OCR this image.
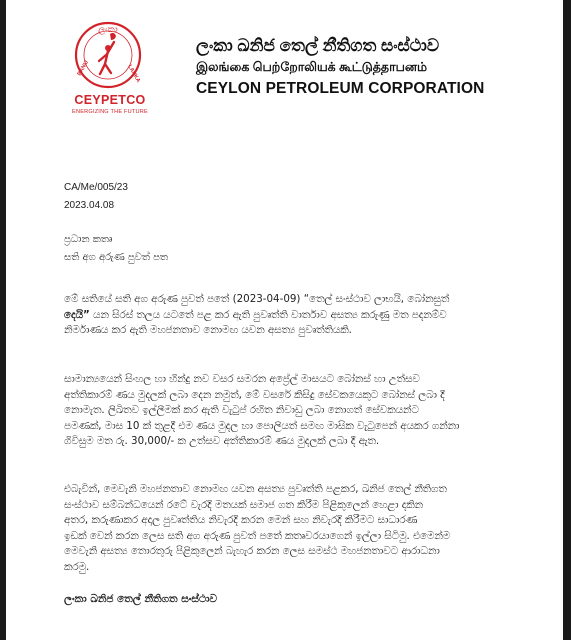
ලංකා
BANIJ	LANKA
CEYPETCO
ENERGIZING THE FUTURE
ලංකා ඛනිජ තෙල් නීතිගත සංස්ථාව
இலங்கை பெற்றோலியக் கூட்டுத்தாபனம்
CEYLON PETROLEUM CORPORATION
CA/Me/005/23
2023.04.08
ප්‍රධාන කතෘ
සති අග අරුණ පුවත් පත
මේ සතියේ සති අග අරුණ පුවත් පතේ (2023-04-09) “තෙල් සංස්ථාව ලාභයි, බෝනසුත්
දෙයි” යන සිරස් තලය යටතේ පළ කර ඇති පුවෘත්ති වාර්තාව අසත්‍ය කරුණු මත පදනම්ව
නිර්මාණය කර ඇති මහජනතාව නොමඟ යවන අසත්‍ය පුවෘත්තියකි.
සාමාන්‍යයෙන් සිංහල හා හින්දු නව වසර සමරන අප්‍රේල් මාසයට බෝනස් හා උත්සව
අත්තිකාරම් ණය මුදලක් ලබා දෙන නමුත්, මේ වසරේ කිසිදු සේවකයෙකුට බෝනස් ලබා දී
නොමැත. ලිඛිතව ඉල්ලීමක් කර ඇති වැටුප් රහිත නිවාඩු ලබා නොගත් සේවකයන්ට
පමණක්, මාස 10 ක් තුළදී එම ණය මුදල හා පොලියත් සමඟ මාසික වැටුපෙන් අයකර ගන්නා
ගිවිසුම මත රු. 30,000/- ක උත්සව අත්තිකාරම් ණය මුදලක් ලබා දී ඇත.
එබැවින්, මෙවැනි මහජනතාව නොමඟ යවන අසත්‍ය පුවෘත්ති පළකර, ඛනිජ තෙල් නීතිගත
සංස්ථාව සම්බන්ධයෙන් රටේ වැරදි මතයක් සමාජ ගත කිරීම පිළිකුලෙන් හෙළා දකින
අතර, කරුණාකර අදාල පුවෘත්තිය නිවැරදි කරන මෙන් සහ නිවැරදි කිරීමට සාධාරණ
ඉඩක් වෙන් කරන ලෙස සති අග අරුණ පුවත් පතේ කතෘවරයාගෙන් ඉල්ලා සිටිමු. එමෙන්ම
මෙවැනි අසත්‍ය තොරතුරු පිළිකුලෙන් බැහැර කරන ලෙස සමස්ථ මහජනතාවට ආරාධනා
කරමු.
ලංකා ඛනිජ තෙල් නීතිගත සංස්ථාව
